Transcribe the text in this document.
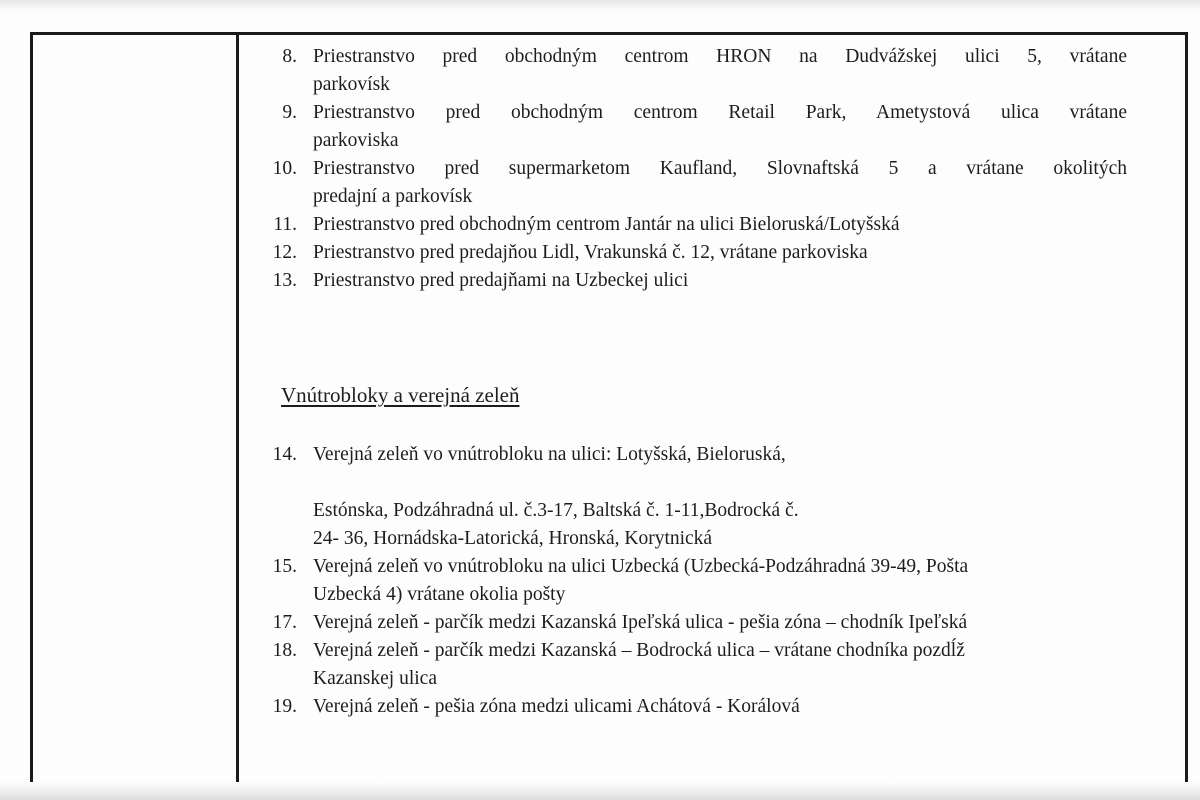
8. Priestranstvo pred obchodným centrom HRON na Dudvážskej ulici 5, vrátane
parkovísk
9. Priestranstvo pred obchodným centrom Retail Park, Ametystová ulica vrátane
parkoviska
10. Priestranstvo pred supermarketom Kaufland, Slovnaftská 5 a vrátane okolitých
predajní a parkovísk
11. Priestranstvo pred obchodným centrom Jantár na ulici Bieloruská/Lotyšská
12. Priestranstvo pred predajňou Lidl, Vrakunská č. 12, vrátane parkoviska
13. Priestranstvo pred predajňami na Uzbeckej ulici
Vnútrobloky a verejná zeleň
14. Verejná zeleň vo vnútrobloku na ulici: Lotyšská, Bieloruská,
Estónska, Podzáhradná ul. č.3-17, Baltská č. 1-11,Bodrocká č.
24- 36, Hornádska-Latorická, Hronská, Korytnická
15. Verejná zeleň vo vnútrobloku na ulici Uzbecká (Uzbecká-Podzáhradná 39-49, Pošta
Uzbecká 4) vrátane okolia pošty
17. Verejná zeleň - parčík medzi Kazanská Ipeľská ulica - pešia zóna – chodník Ipeľská
18. Verejná zeleň - parčík medzi Kazanská – Bodrocká ulica – vrátane chodníka pozdĺž
Kazanskej ulica
19. Verejná zeleň - pešia zóna medzi ulicami Achátová - Korálová
